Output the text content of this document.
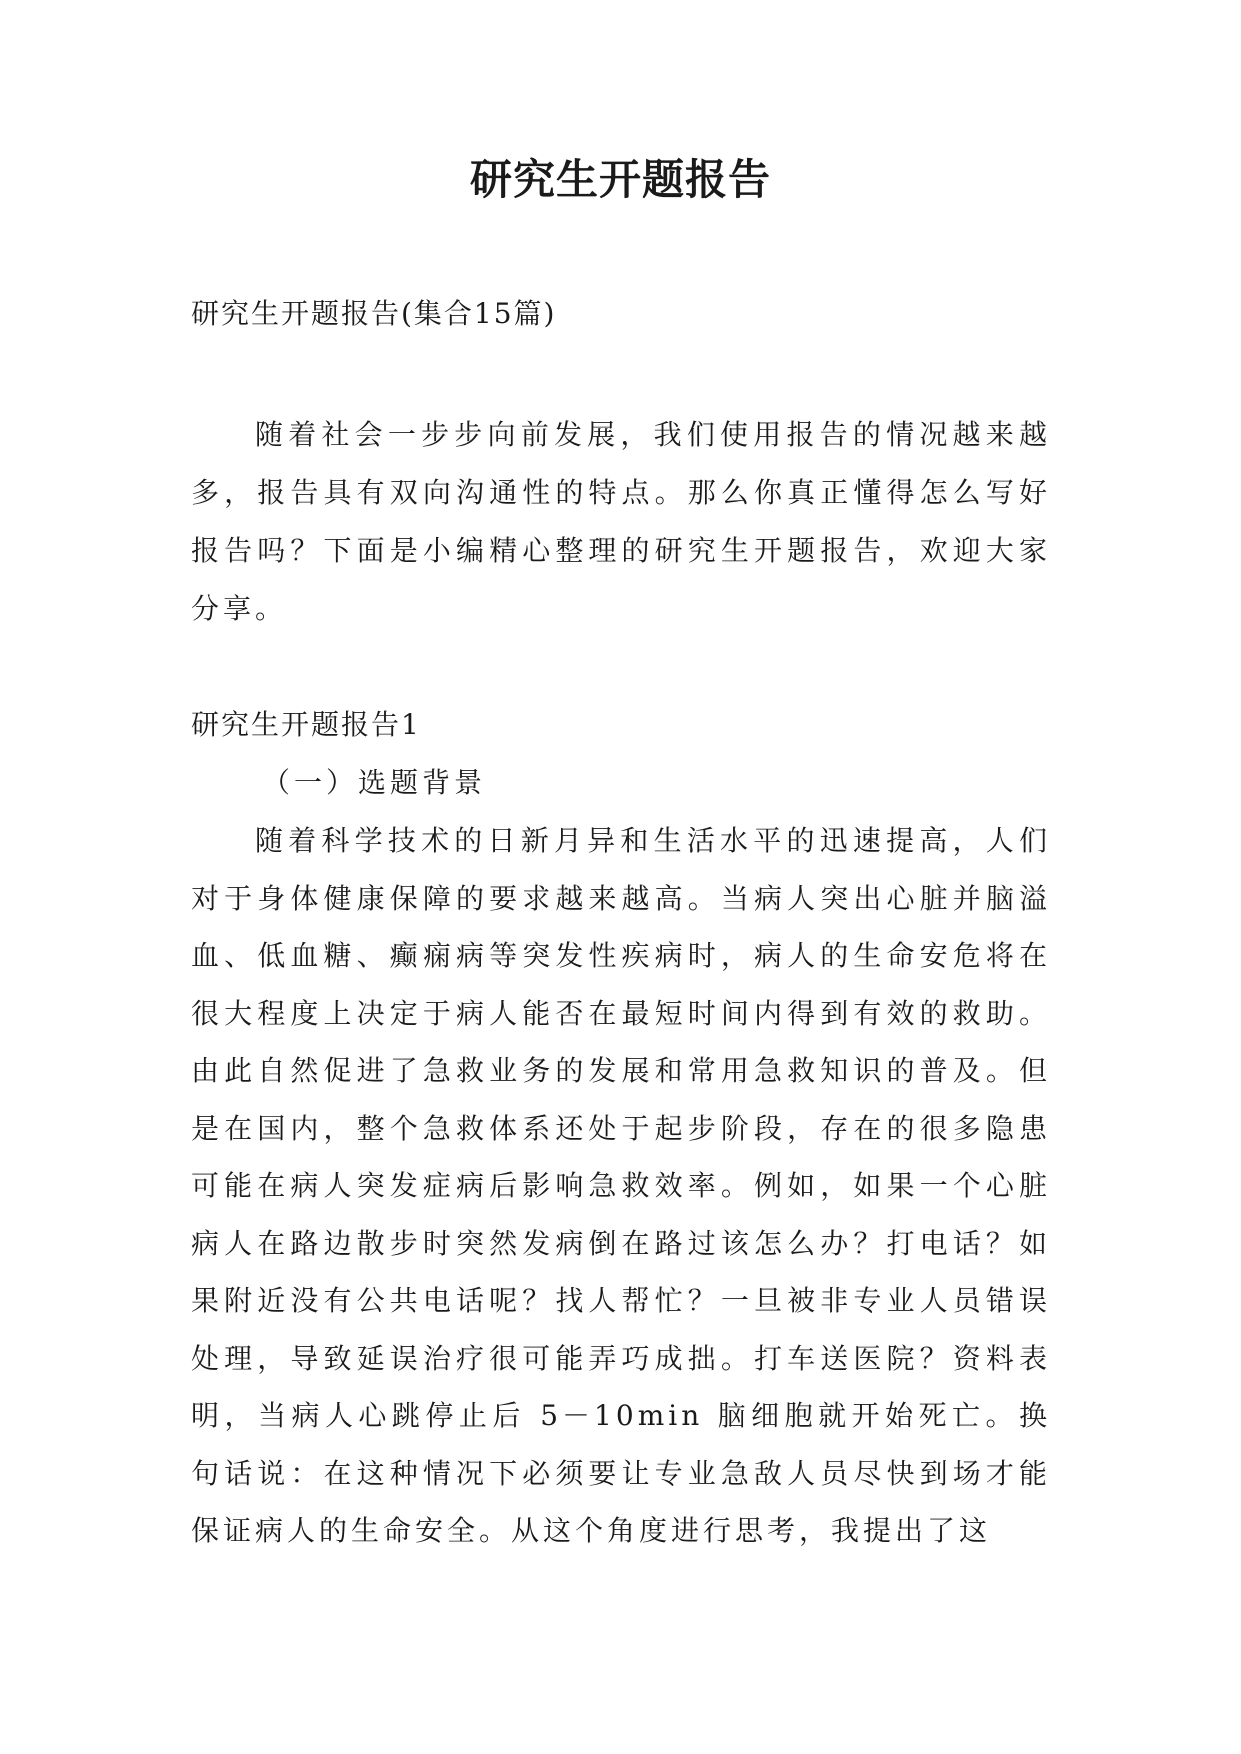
研究生开题报告

研究生开题报告(集合15篇)

随着社会一步步向前发展，我们使用报告的情况越来越多，报告具有双向沟通性的特点。那么你真正懂得怎么写好报告吗？下面是小编精心整理的研究生开题报告，欢迎大家分享。

研究生开题报告1

（一）选题背景

随着科学技术的日新月异和生活水平的迅速提高，人们对于身体健康保障的要求越来越高。当病人突出心脏并脑溢血、低血糖、癫痫病等突发性疾病时，病人的生命安危将在很大程度上决定于病人能否在最短时间内得到有效的救助。由此自然促进了急救业务的发展和常用急救知识的普及。但是在国内，整个急救体系还处于起步阶段，存在的很多隐患可能在病人突发症病后影响急救效率。例如，如果一个心脏病人在路边散步时突然发病倒在路过该怎么办？打电话？如果附近没有公共电话呢？找人帮忙？一旦被非专业人员错误处理，导致延误治疗很可能弄巧成拙。打车送医院？资料表明，当病人心跳停止后 5－10min 脑细胞就开始死亡。换句话说：在这种情况下必须要让专业急敌人员尽快到场才能保证病人的生命安全。从这个角度进行思考，我提出了这
